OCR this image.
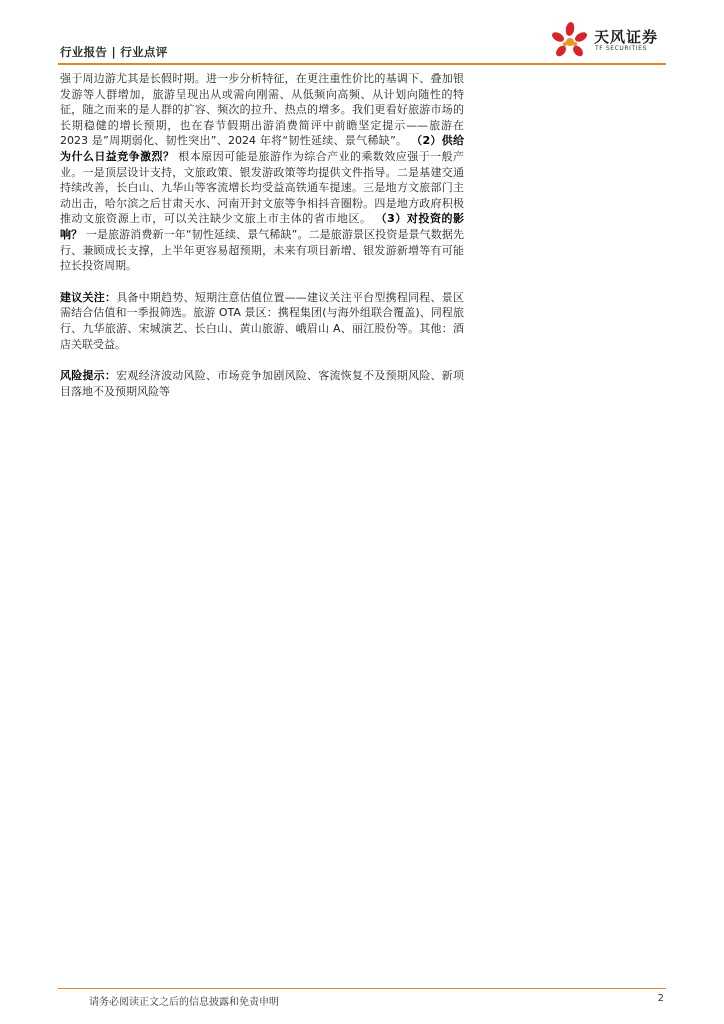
行业报告 | 行业点评
天风证券
TF SECURITIES

强于周边游尤其是长假时期。进一步分析特征，在更注重性价比的基调下、叠加银发游等人群增加，旅游呈现出从或需向刚需、从低频向高频、从计划向随性的特征，随之而来的是人群的扩容、频次的拉升、热点的增多。我们更看好旅游市场的长期稳健的增长预期，也在春节假期出游消费简评中前瞻坚定提示——旅游在 2023 是”周期弱化、韧性突出”、2024 年将“韧性延续、景气稀缺”。 （2）供给为什么日益竞争激烈？ 根本原因可能是旅游作为综合产业的乘数效应强于一般产业。一是顶层设计支持，文旅政策、银发游政策等均提供文件指导。二是基建交通持续改善，长白山、九华山等客流增长均受益高铁通车提速。三是地方文旅部门主动出击，哈尔滨之后甘肃天水、河南开封文旅等争相抖音圈粉。四是地方政府积极推动文旅资源上市，可以关注缺少文旅上市主体的省市地区。 （3）对投资的影响？ 一是旅游消费新一年“韧性延续、景气稀缺”。二是旅游景区投资是景气数据先行、兼顾成长支撑，上半年更容易超预期，未来有项目新增、银发游新增等有可能拉长投资周期。

建议关注：具备中期趋势、短期注意估值位置——建议关注平台型携程同程、景区需结合估值和一季报筛选。旅游 OTA 景区：携程集团(与海外组联合覆盖)、同程旅行、九华旅游、宋城演艺、长白山、黄山旅游、峨眉山 A、丽江股份等。其他：酒店关联受益。

风险提示：宏观经济波动风险、市场竞争加剧风险、客流恢复不及预期风险、新项目落地不及预期风险等

请务必阅读正文之后的信息披露和免责申明	2
